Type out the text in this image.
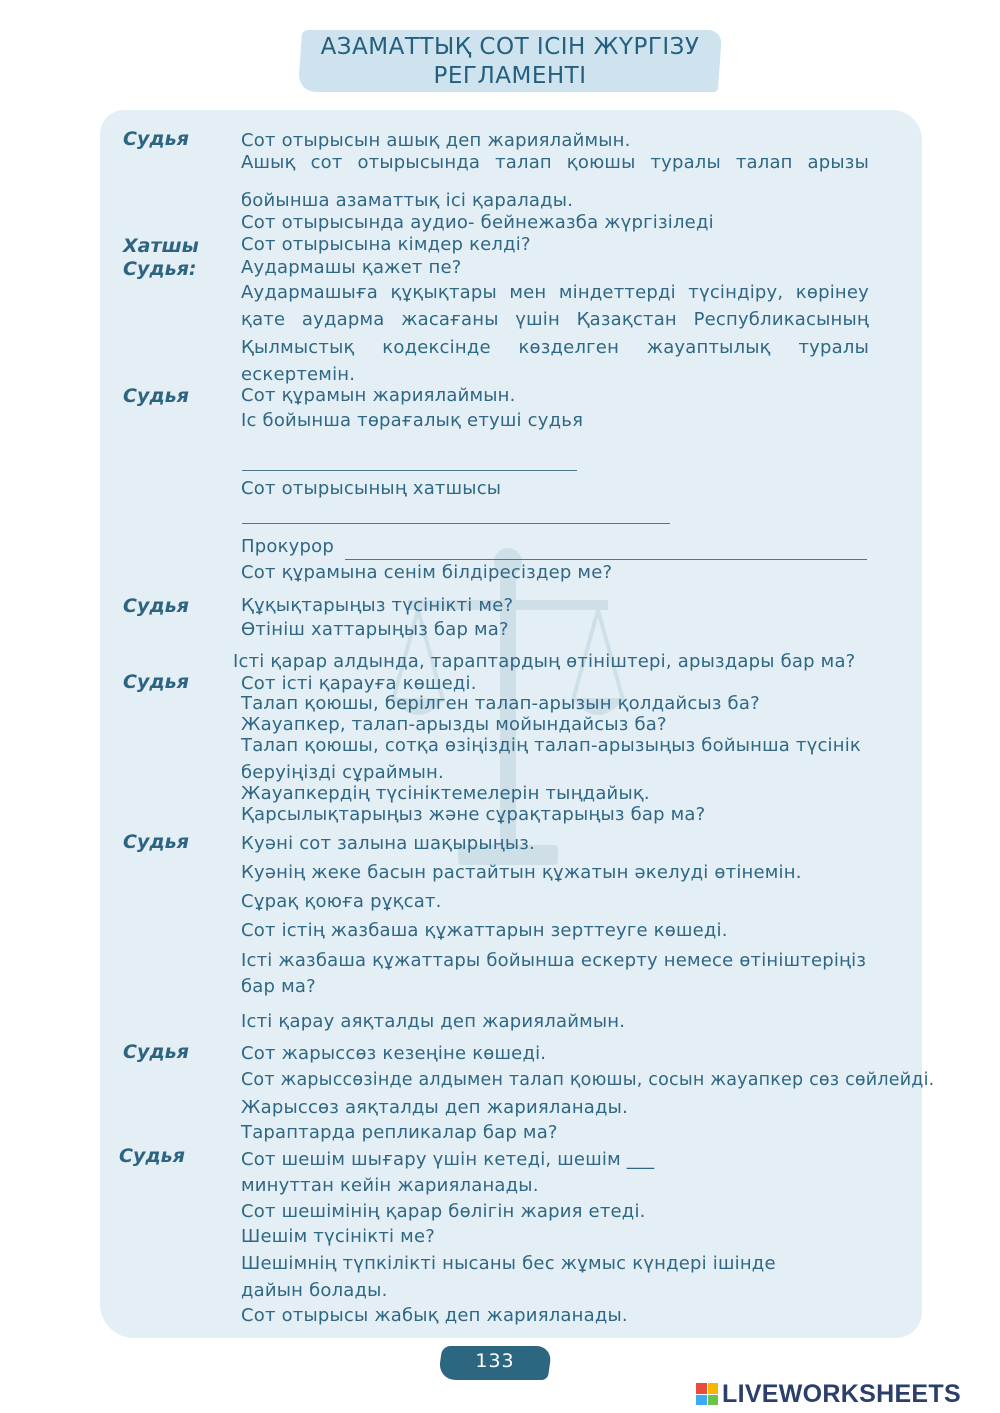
АЗАМАТТЫҚ СОТ ІСІН ЖҮРГІЗУ
РЕГЛАМЕНТІ
Судья
Хатшы
Судья:
Судья
Судья
Судья
Судья
Судья
Судья
Сот отырысын ашық деп жариялаймын.
Ашық сот отырысында талап қоюшы туралы талап арызы
бойынша азаматтық ісі қаралады.
Сот отырысында аудио- бейнежазба жүргізіледі
Сот отырысына кімдер келді?
Аудармашы қажет пе?
Аудармашыға құқықтары мен міндеттерді түсіндіру, көрінеу
қате аударма жасағаны үшін Қазақстан Республикасының
Қылмыстық кодексінде көзделген жауаптылық туралы
ескертемін.
Сот құрамын жариялаймын.
Іс бойынша төрағалық етуші судья
Сот отырысының хатшысы
Прокурор
Сот құрамына сенім білдіресіздер ме?
Құқықтарыңыз түсінікті ме?
Өтініш хаттарыңыз бар ма?
Істі қарар алдында, тараптардың өтініштері, арыздары бар ма?
Сот істі қарауға көшеді.
Талап қоюшы, берілген талап-арызын қолдайсыз ба?
Жауапкер, талап-арызды мойындайсыз ба?
Талап қоюшы, сотқа өзіңіздің талап-арызыңыз бойынша түсінік
беруіңізді сұраймын.
Жауапкердің түсініктемелерін тыңдайық.
Қарсылықтарыңыз және сұрақтарыңыз бар ма?
Куәні сот залына шақырыңыз.
Куәнің жеке басын растайтын құжатын әкелуді өтінемін.
Сұрақ қоюға рұқсат.
Сот істің жазбаша құжаттарын зерттеуге көшеді.
Істі жазбаша құжаттары бойынша ескерту немесе өтініштеріңіз
бар ма?
Істі қарау аяқталды деп жариялаймын.
Сот жарыссөз кезеңіне көшеді.
Сот жарыссөзінде алдымен талап қоюшы, сосын жауапкер сөз сөйлейді.
Жарыссөз аяқталды деп жарияланады.
Тараптарда репликалар бар ма?
Сот шешім шығару үшін кетеді, шешім ___
минуттан кейін жарияланады.
Сот шешімінің қарар бөлігін жария етеді.
Шешім түсінікті ме?
Шешімнің түпкілікті нысаны бес жұмыс күндері ішінде
дайын болады.
Сот отырысы жабық деп жарияланады.
133
LIVEWORKSHEETS
